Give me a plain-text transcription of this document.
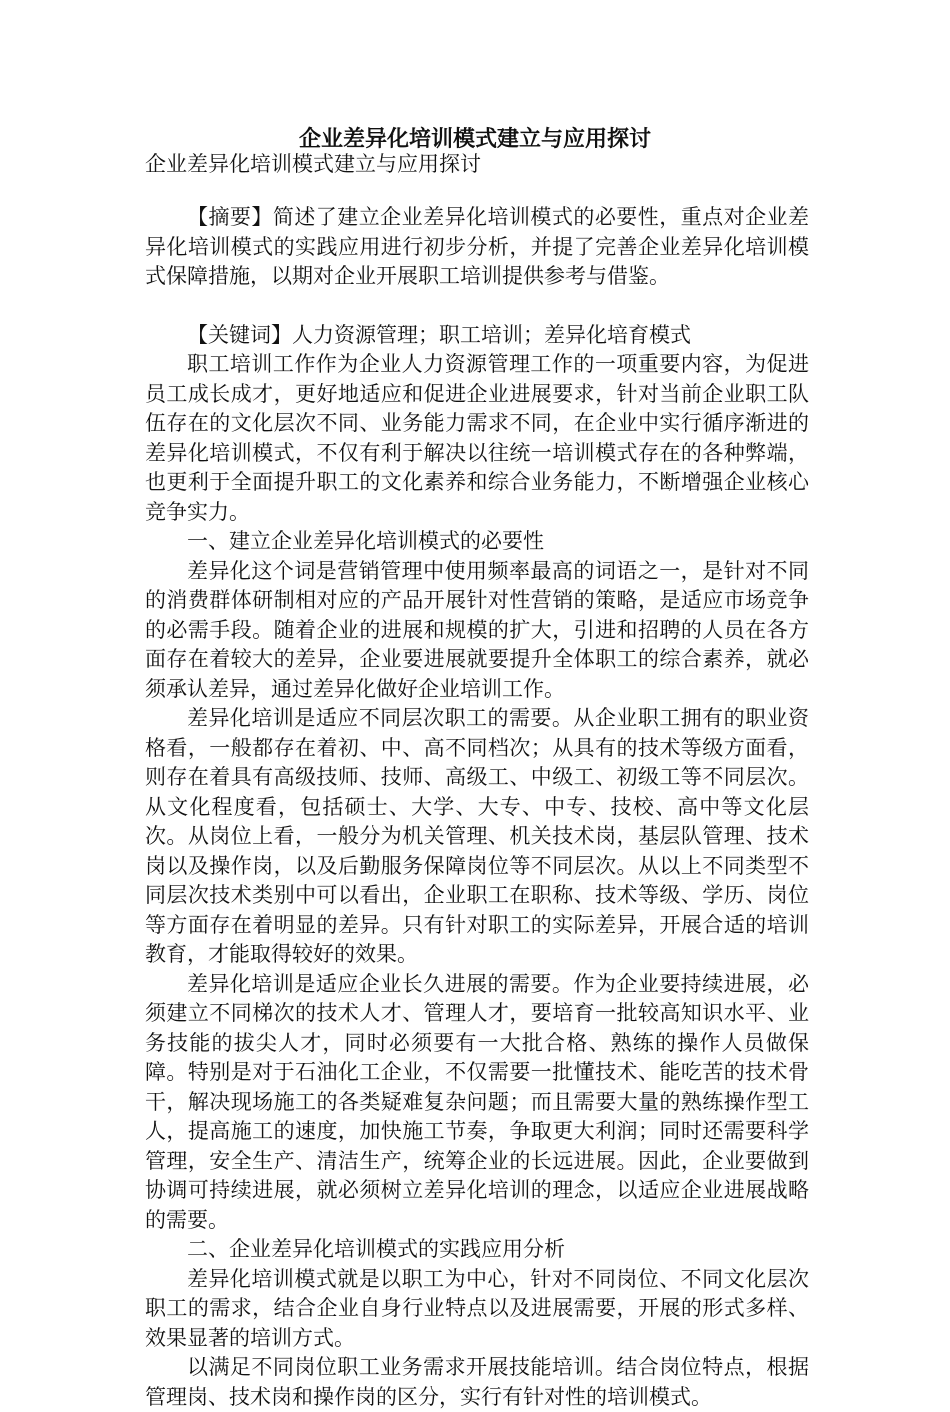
企业差异化培训模式建立与应用探讨
企业差异化培训模式建立与应用探讨

【摘要】简述了建立企业差异化培训模式的必要性，重点对企业差异化培训模式的实践应用进行初步分析，并提了完善企业差异化培训模式保障措施，以期对企业开展职工培训提供参考与借鉴。

【关键词】人力资源管理；职工培训；差异化培育模式

职工培训工作作为企业人力资源管理工作的一项重要内容，为促进员工成长成才，更好地适应和促进企业进展要求，针对当前企业职工队伍存在的文化层次不同、业务能力需求不同，在企业中实行循序渐进的差异化培训模式，不仅有利于解决以往统一培训模式存在的各种弊端，也更利于全面提升职工的文化素养和综合业务能力，不断增强企业核心竞争实力。

一、建立企业差异化培训模式的必要性

差异化这个词是营销管理中使用频率最高的词语之一，是针对不同的消费群体研制相对应的产品开展针对性营销的策略，是适应市场竞争的必需手段。随着企业的进展和规模的扩大，引进和招聘的人员在各方面存在着较大的差异，企业要进展就要提升全体职工的综合素养，就必须承认差异，通过差异化做好企业培训工作。

差异化培训是适应不同层次职工的需要。从企业职工拥有的职业资格看，一般都存在着初、中、高不同档次；从具有的技术等级方面看，则存在着具有高级技师、技师、高级工、中级工、初级工等不同层次。从文化程度看，包括硕士、大学、大专、中专、技校、高中等文化层次。从岗位上看，一般分为机关管理、机关技术岗，基层队管理、技术岗以及操作岗，以及后勤服务保障岗位等不同层次。从以上不同类型不同层次技术类别中可以看出，企业职工在职称、技术等级、学历、岗位等方面存在着明显的差异。只有针对职工的实际差异，开展合适的培训教育，才能取得较好的效果。

差异化培训是适应企业长久进展的需要。作为企业要持续进展，必须建立不同梯次的技术人才、管理人才，要培育一批较高知识水平、业务技能的拔尖人才，同时必须要有一大批合格、熟练的操作人员做保障。特别是对于石油化工企业，不仅需要一批懂技术、能吃苦的技术骨干，解决现场施工的各类疑难复杂问题；而且需要大量的熟练操作型工人，提高施工的速度，加快施工节奏，争取更大利润；同时还需要科学管理，安全生产、清洁生产，统筹企业的长远进展。因此，企业要做到协调可持续进展，就必须树立差异化培训的理念，以适应企业进展战略的需要。

二、企业差异化培训模式的实践应用分析

差异化培训模式就是以职工为中心，针对不同岗位、不同文化层次职工的需求，结合企业自身行业特点以及进展需要，开展的形式多样、效果显著的培训方式。

以满足不同岗位职工业务需求开展技能培训。结合岗位特点，根据管理岗、技术岗和操作岗的区分，实行有针对性的培训模式。
